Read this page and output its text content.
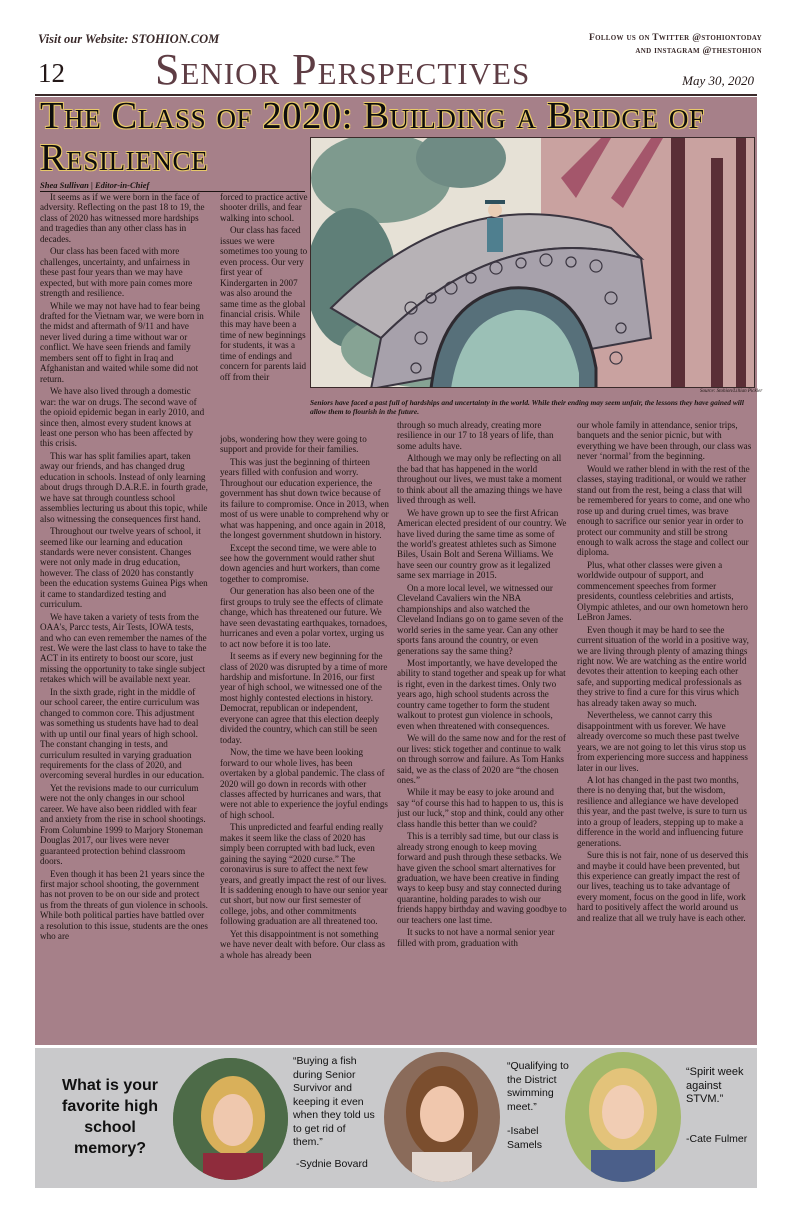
Visit our Website: STOHION.COM	Follow us on Twitter @stohiontoday
and instagram @thestohion
12 Senior Perspectives	May 30, 2020
The Class of 2020: Building a Bridge of Resilience
Source: Stohion/Lillian Pickler
Seniors have faced a past full of hardships and uncertainty in the world. While their ending may seem unfair, the lessons they have gained will allow them to flourish in the future.
Shea Sullivan | Editor-in-Chief

It seems as if we were born in the face of adversity. Reflecting on the past 18 to 19, the class of 2020 has witnessed more hardships and tragedies than any other class has in decades.

Our class has been faced with more challenges, uncertainty, and unfairness in these past four years than we may have expected, but with more pain comes more strength and resilience.

While we may not have had to fear being drafted for the Vietnam war, we were born in the midst and aftermath of 9/11 and have never lived during a time without war or conflict. We have seen friends and family members sent off to fight in Iraq and Afghanistan and waited while some did not return.

We have also lived through a domestic war: the war on drugs. The second wave of the opioid epidemic began in early 2010, and since then, almost every student knows at least one person who has been affected by this crisis.

This war has split families apart, taken away our friends, and has changed drug education in schools. Instead of only learning about drugs through D.A.R.E. in fourth grade, we have sat through countless school assemblies lecturing us about this topic, while also witnessing the consequences first hand.

Throughout our twelve years of school, it seemed like our learning and education standards were never consistent. Changes were not only made in drug education, however. The class of 2020 has constantly been the education systems Guinea Pigs when it came to standardized testing and curriculum.

We have taken a variety of tests from the OAA's, Parcc tests, Air Tests, IOWA tests, and who can even remember the names of the rest. We were the last class to have to take the ACT in its entirety to boost our score, just missing the opportunity to take single subject retakes which will be available next year.

In the sixth grade, right in the middle of our school career, the entire curriculum was changed to common core. This adjustment was something us students have had to deal with up until our final years of high school. The constant changing in tests, and curriculum resulted in varying graduation requirements for the class of 2020, and overcoming several hurdles in our education.

Yet the revisions made to our curriculum were not the only changes in our school career. We have also been riddled with fear and anxiety from the rise in school shootings. From Columbine 1999 to Marjory Stoneman Douglas 2017, our lives were never guaranteed protection behind classroom doors.

Even though it has been 21 years since the first major school shooting, the government has not proven to be on our side and protect us from the threats of gun violence in schools. While both political parties have battled over a resolution to this issue, students are the ones who are

forced to practice active shooter drills, and fear walking into school.

Our class has faced issues we were sometimes too young to even process. Our very first year of Kindergarten in 2007 was also around the same time as the global financial crisis. While this may have been a time of new beginnings for students, it was a time of endings and concern for parents laid off from their

jobs, wondering how they were going to support and provide for their families.

This was just the beginning of thirteen years filled with confusion and worry. Throughout our education experience, the government has shut down twice because of its failure to compromise. Once in 2013, when most of us were unable to comprehend why or what was happening, and once again in 2018, the longest government shutdown in history.

Except the second time, we were able to see how the government would rather shut down agencies and hurt workers, than come together to compromise.

Our generation has also been one of the first groups to truly see the effects of climate change, which has threatened our future. We have seen devastating earthquakes, tornadoes, hurricanes and even a polar vortex, urging us to act now before it is too late.

It seems as if every new beginning for the class of 2020 was disrupted by a time of more hardship and misfortune. In 2016, our first year of high school, we witnessed one of the most highly contested elections in history. Democrat, republican or independent, everyone can agree that this election deeply divided the country, which can still be seen today.

Now, the time we have been looking forward to our whole lives, has been overtaken by a global pandemic. The class of 2020 will go down in records with other classes affected by hurricanes and wars, that were not able to experience the joyful endings of high school.

This unpredicted and fearful ending really makes it seem like the class of 2020 has simply been corrupted with bad luck, even gaining the saying “2020 curse.” The coronavirus is sure to affect the next few years, and greatly impact the rest of our lives. It is saddening enough to have our senior year cut short, but now our first semester of college, jobs, and other commitments following graduation are all threatened too.

Yet this disappointment is not something we have never dealt with before. Our class as a whole has already been

through so much already, creating more resilience in our 17 to 18 years of life, than some adults have.

Although we may only be reflecting on all the bad that has happened in the world throughout our lives, we must take a moment to think about all the amazing things we have lived through as well.

We have grown up to see the first African American elected president of our country. We have lived during the same time as some of the world's greatest athletes such as Simone Biles, Usain Bolt and Serena Williams. We have seen our country grow as it legalized same sex marriage in 2015.

On a more local level, we witnessed our Cleveland Cavaliers win the NBA championships and also watched the Cleveland Indians go on to game seven of the world series in the same year. Can any other sports fans around the country, or even generations say the same thing?

Most importantly, we have developed the ability to stand together and speak up for what is right, even in the darkest times. Only two years ago, high school students across the country came together to form the student walkout to protest gun violence in schools, even when threatened with consequences.

We will do the same now and for the rest of our lives: stick together and continue to walk on through sorrow and failure. As Tom Hanks said, we as the class of 2020 are “the chosen ones.”

While it may be easy to joke around and say “of course this had to happen to us, this is just our luck,” stop and think, could any other class handle this better than we could?

This is a terribly sad time, but our class is already strong enough to keep moving forward and push through these setbacks. We have given the school smart alternatives for graduation, we have been creative in finding ways to keep busy and stay connected during quarantine, holding parades to wish our friends happy birthday and waving goodbye to our teachers one last time.

It sucks to not have a normal senior year filled with prom, graduation with

our whole family in attendance, senior trips, banquets and the senior picnic, but with everything we have been through, our class was never ‘normal’ from the beginning.

Would we rather blend in with the rest of the classes, staying traditional, or would we rather stand out from the rest, being a class that will be remembered for years to come, and one who rose up and during cruel times, was brave enough to sacrifice our senior year in order to protect our community and still be strong enough to walk across the stage and collect our diploma.

Plus, what other classes were given a worldwide outpour of support, and commencement speeches from former presidents, countless celebrities and artists, Olympic athletes, and our own hometown hero LeBron James.

Even though it may be hard to see the current situation of the world in a positive way, we are living through plenty of amazing things right now. We are watching as the entire world devotes their attention to keeping each other safe, and supporting medical professionals as they strive to find a cure for this virus which has already taken away so much.

Nevertheless, we cannot carry this disappointment with us forever. We have already overcome so much these past twelve years, we are not going to let this virus stop us from experiencing more success and happiness later in our lives.

A lot has changed in the past two months, there is no denying that, but the wisdom, resilience and allegiance we have developed this year, and the past twelve, is sure to turn us into a group of leaders, stepping up to make a difference in the world and influencing future generations.

Sure this is not fair, none of us deserved this and maybe it could have been prevented, but this experience can greatly impact the rest of our lives, teaching us to take advantage of every moment, focus on the good in life, work hard to positively affect the world around us and realize that all we truly have is each other.

What is your favorite high school memory?
“Buying a fish during Senior Survivor and keeping it even when they told us to get rid of them.”
-Sydnie Bovard
“Qualifying to the District swimming meet.”
-Isabel Samels
“Spirit week against STVM.”
-Cate Fulmer
